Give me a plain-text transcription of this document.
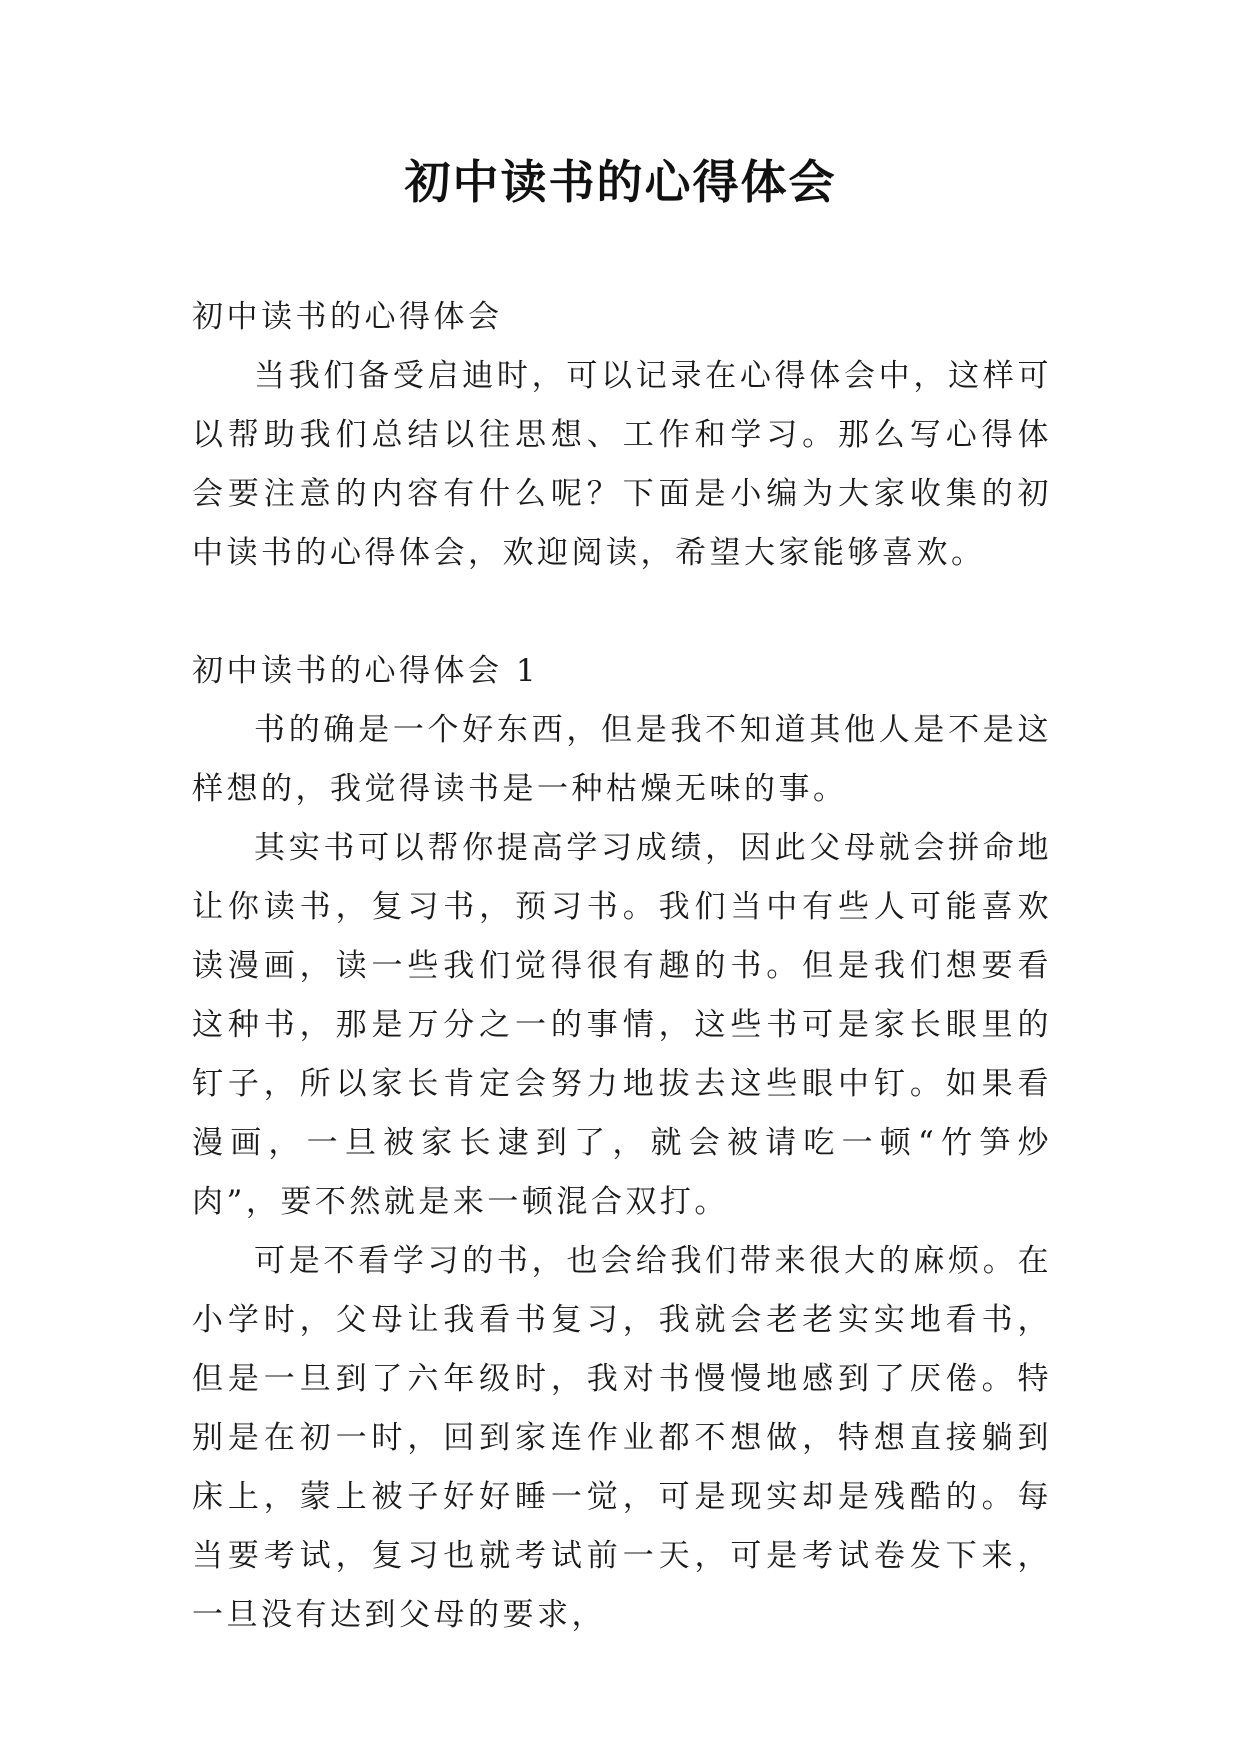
初中读书的心得体会

初中读书的心得体会

当我们备受启迪时，可以记录在心得体会中，这样可以帮助我们总结以往思想、工作和学习。那么写心得体会要注意的内容有什么呢？下面是小编为大家收集的初中读书的心得体会，欢迎阅读，希望大家能够喜欢。

初中读书的心得体会 1

书的确是一个好东西，但是我不知道其他人是不是这样想的，我觉得读书是一种枯燥无味的事。

其实书可以帮你提高学习成绩，因此父母就会拼命地让你读书，复习书，预习书。我们当中有些人可能喜欢读漫画，读一些我们觉得很有趣的书。但是我们想要看这种书，那是万分之一的事情，这些书可是家长眼里的钉子，所以家长肯定会努力地拔去这些眼中钉。如果看漫画，一旦被家长逮到了，就会被请吃一顿“竹笋炒肉”，要不然就是来一顿混合双打。

可是不看学习的书，也会给我们带来很大的麻烦。在小学时，父母让我看书复习，我就会老老实实地看书，但是一旦到了六年级时，我对书慢慢地感到了厌倦。特别是在初一时，回到家连作业都不想做，特想直接躺到床上，蒙上被子好好睡一觉，可是现实却是残酷的。每当要考试，复习也就考试前一天，可是考试卷发下来，一旦没有达到父母的要求，
